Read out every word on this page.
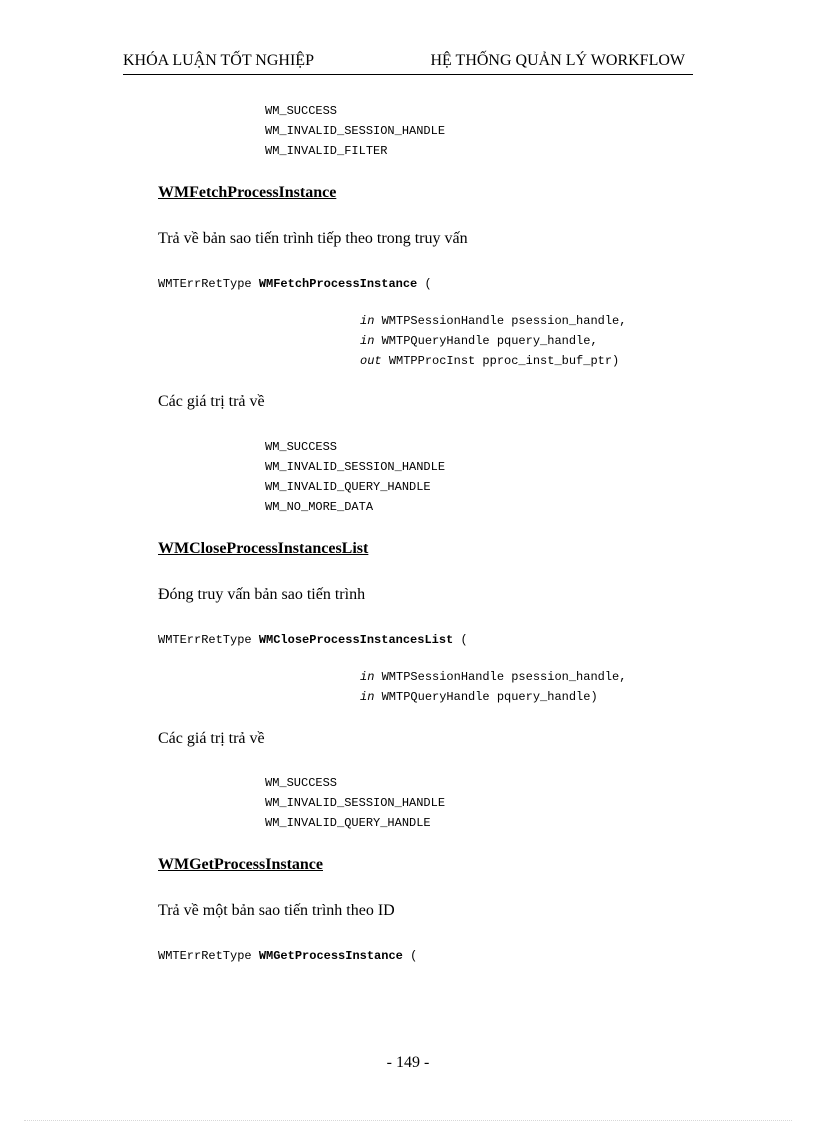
KHÓA LUẬN TỐT NGHIỆP	HỆ THỐNG QUẢN LÝ WORKFLOW
WM_SUCCESS
WM_INVALID_SESSION_HANDLE
WM_INVALID_FILTER
WMFetchProcessInstance
Trả về bản sao tiến trình tiếp theo trong truy vấn
WMTErrRetType WMFetchProcessInstance (
in WMTPSessionHandle psession_handle,
in WMTPQueryHandle pquery_handle,
out WMTPProcInst pproc_inst_buf_ptr)
Các giá trị trả về
WM_SUCCESS
WM_INVALID_SESSION_HANDLE
WM_INVALID_QUERY_HANDLE
WM_NO_MORE_DATA
WMCloseProcessInstancesList
Đóng truy vấn bản sao tiến trình
WMTErrRetType WMCloseProcessInstancesList (
in WMTPSessionHandle psession_handle,
in WMTPQueryHandle pquery_handle)
Các giá trị trả về
WM_SUCCESS
WM_INVALID_SESSION_HANDLE
WM_INVALID_QUERY_HANDLE
WMGetProcessInstance
Trả về một bản sao tiến trình theo ID
WMTErrRetType WMGetProcessInstance (
- 149 -
